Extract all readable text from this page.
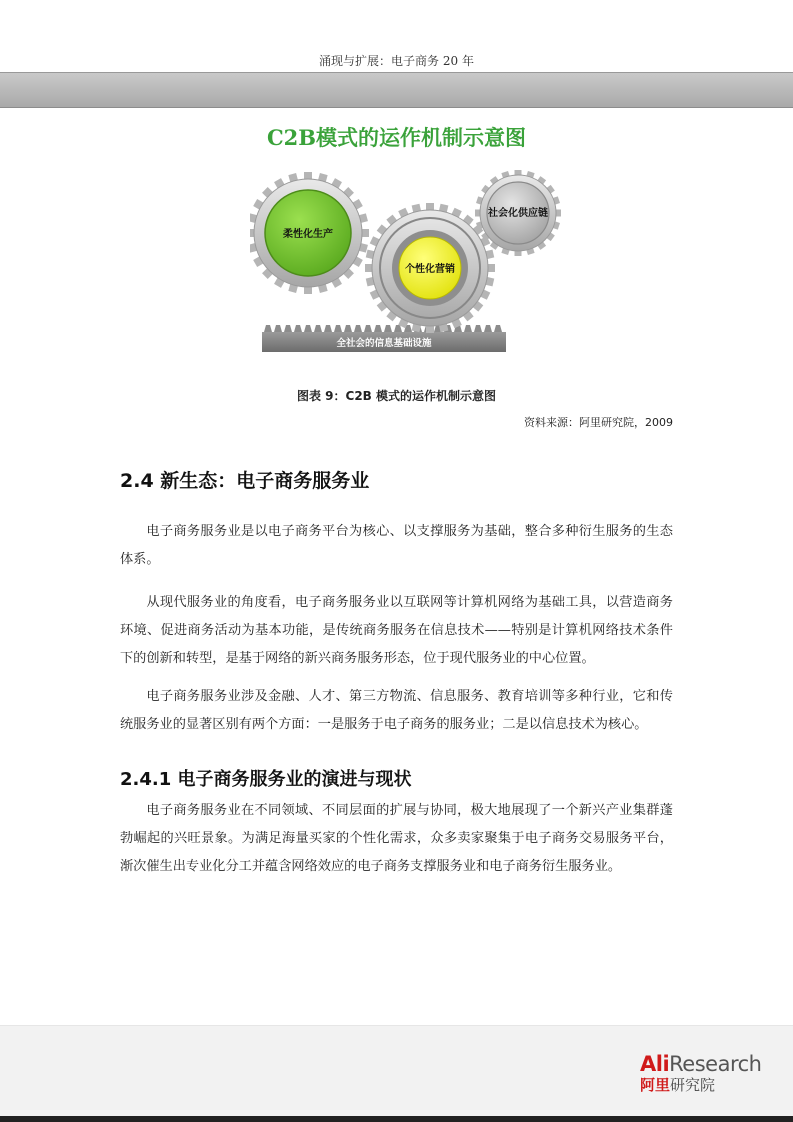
涌现与扩展：电子商务 20 年
C2B模式的运作机制示意图
全社会的信息基础设施
柔性化生产
社会化供应链
个性化营销
图表 9：C2B 模式的运作机制示意图
资料来源：阿里研究院，2009
2.4 新生态：电子商务服务业

电子商务服务业是以电子商务平台为核心、以支撑服务为基础，整合多种衍生服务的生态体系。

从现代服务业的角度看，电子商务服务业以互联网等计算机网络为基础工具，以营造商务环境、促进商务活动为基本功能，是传统商务服务在信息技术——特别是计算机网络技术条件下的创新和转型，是基于网络的新兴商务服务形态，位于现代服务业的中心位置。

电子商务服务业涉及金融、人才、第三方物流、信息服务、教育培训等多种行业，它和传统服务业的显著区别有两个方面：一是服务于电子商务的服务业；二是以信息技术为核心。

2.4.1 电子商务服务业的演进与现状

电子商务服务业在不同领域、不同层面的扩展与协同，极大地展现了一个新兴产业集群蓬勃崛起的兴旺景象。为满足海量买家的个性化需求，众多卖家聚集于电子商务交易服务平台，渐次催生出专业化分工并蕴含网络效应的电子商务支撑服务业和电子商务衍生服务业。

AliResearch
阿里研究院
